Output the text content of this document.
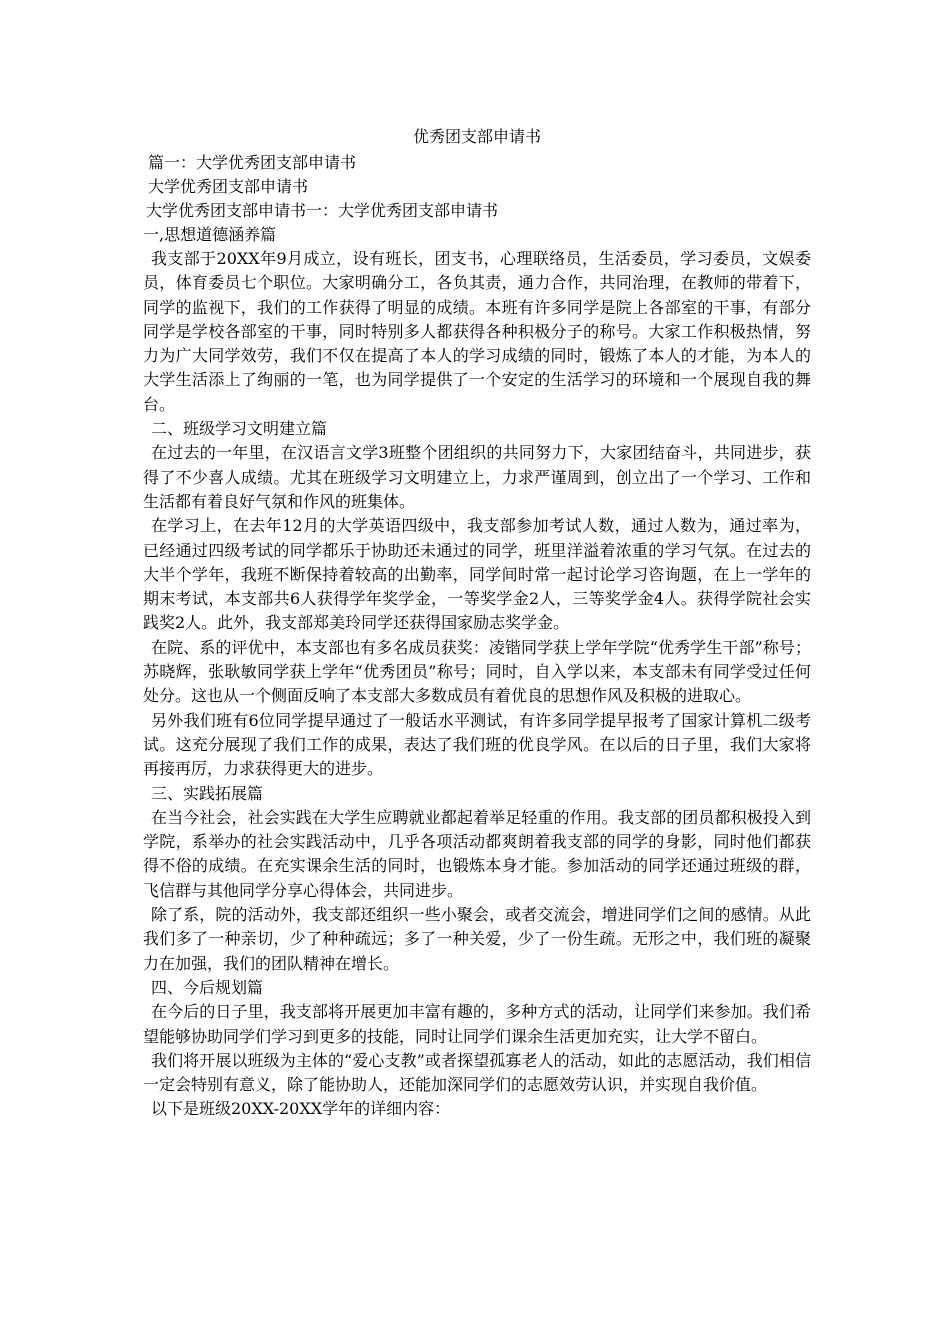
优秀团支部申请书
篇一：大学优秀团支部申请书
大学优秀团支部申请书
大学优秀团支部申请书一：大学优秀团支部申请书
一,思想道德涵养篇

我支部于20XX年9月成立，设有班长，团支书，心理联络员，生活委员，学习委员，文娱委员，体育委员七个职位。大家明确分工，各负其责，通力合作，共同治理，在教师的带着下，同学的监视下，我们的工作获得了明显的成绩。本班有许多同学是院上各部室的干事，有部分同学是学校各部室的干事，同时特别多人都获得各种积极分子的称号。大家工作积极热情，努力为广大同学效劳，我们不仅在提高了本人的学习成绩的同时，锻炼了本人的才能，为本人的大学生活添上了绚丽的一笔，也为同学提供了一个安定的生活学习的环境和一个展现自我的舞台。

二、班级学习文明建立篇

在过去的一年里，在汉语言文学3班整个团组织的共同努力下，大家团结奋斗，共同进步，获得了不少喜人成绩。尤其在班级学习文明建立上，力求严谨周到，创立出了一个学习、工作和生活都有着良好气氛和作风的班集体。

在学习上，在去年12月的大学英语四级中，我支部参加考试人数，通过人数为，通过率为，已经通过四级考试的同学都乐于协助还未通过的同学，班里洋溢着浓重的学习气氛。在过去的大半个学年，我班不断保持着较高的出勤率，同学间时常一起讨论学习咨询题，在上一学年的期末考试，本支部共6人获得学年奖学金，一等奖学金2人，三等奖学金4人。获得学院社会实践奖2人。此外，我支部郑美玲同学还获得国家励志奖学金。

在院、系的评优中，本支部也有多名成员获奖：凌锴同学获上学年学院“优秀学生干部”称号；苏晓辉，张耿敏同学获上学年“优秀团员”称号；同时，自入学以来，本支部未有同学受过任何处分。这也从一个侧面反响了本支部大多数成员有着优良的思想作风及积极的进取心。

另外我们班有6位同学提早通过了一般话水平测试，有许多同学提早报考了国家计算机二级考试。这充分展现了我们工作的成果，表达了我们班的优良学风。在以后的日子里，我们大家将再接再厉，力求获得更大的进步。

三、实践拓展篇

在当今社会，社会实践在大学生应聘就业都起着举足轻重的作用。我支部的团员都积极投入到学院，系举办的社会实践活动中，几乎各项活动都爽朗着我支部的同学的身影，同时他们都获得不俗的成绩。在充实课余生活的同时，也锻炼本身才能。参加活动的同学还通过班级的群，飞信群与其他同学分享心得体会，共同进步。

除了系，院的活动外，我支部还组织一些小聚会，或者交流会，增进同学们之间的感情。从此我们多了一种亲切，少了种种疏远；多了一种关爱，少了一份生疏。无形之中，我们班的凝聚力在加强，我们的团队精神在增长。

四、今后规划篇

在今后的日子里，我支部将开展更加丰富有趣的，多种方式的活动，让同学们来参加。我们希望能够协助同学们学习到更多的技能，同时让同学们课余生活更加充实，让大学不留白。

我们将开展以班级为主体的“爱心支教”或者探望孤寡老人的活动，如此的志愿活动，我们相信一定会特别有意义，除了能协助人，还能加深同学们的志愿效劳认识，并实现自我价值。

以下是班级20XX-20XX学年的详细内容：
